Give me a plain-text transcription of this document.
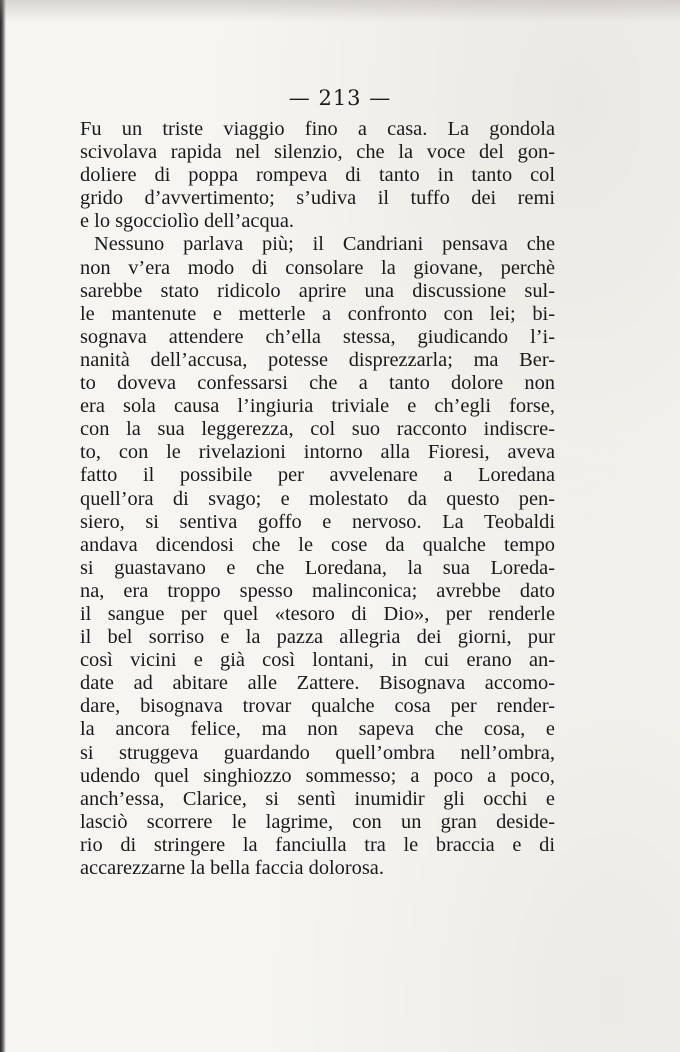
— 213 —
Fu un triste viaggio fino a casa. La gondola
scivolava rapida nel silenzio, che la voce del gon-
doliere di poppa rompeva di tanto in tanto col
grido d’avvertimento; s’udiva il tuffo dei remi
e lo sgocciolìo dell’acqua.
Nessuno parlava più; il Candriani pensava che
non v’era modo di consolare la giovane, perchè
sarebbe stato ridicolo aprire una discussione sul-
le mantenute e metterle a confronto con lei; bi-
sognava attendere ch’ella stessa, giudicando l’i-
nanità dell’accusa, potesse disprezzarla; ma Ber-
to doveva confessarsi che a tanto dolore non
era sola causa l’ingiuria triviale e ch’egli forse,
con la sua leggerezza, col suo racconto indiscre-
to, con le rivelazioni intorno alla Fioresi, aveva
fatto il possibile per avvelenare a Loredana
quell’ora di svago; e molestato da questo pen-
siero, si sentiva goffo e nervoso. La Teobaldi
andava dicendosi che le cose da qualche tempo
si guastavano e che Loredana, la sua Loreda-
na, era troppo spesso malinconica; avrebbe dato
il sangue per quel «tesoro di Dio», per renderle
il bel sorriso e la pazza allegria dei giorni, pur
così vicini e già così lontani, in cui erano an-
date ad abitare alle Zattere. Bisognava accomo-
dare, bisognava trovar qualche cosa per render-
la ancora felice, ma non sapeva che cosa, e
si struggeva guardando quell’ombra nell’ombra,
udendo quel singhiozzo sommesso; a poco a poco,
anch’essa, Clarice, si sentì inumidir gli occhi e
lasciò scorrere le lagrime, con un gran deside-
rio di stringere la fanciulla tra le braccia e di
accarezzarne la bella faccia dolorosa.
